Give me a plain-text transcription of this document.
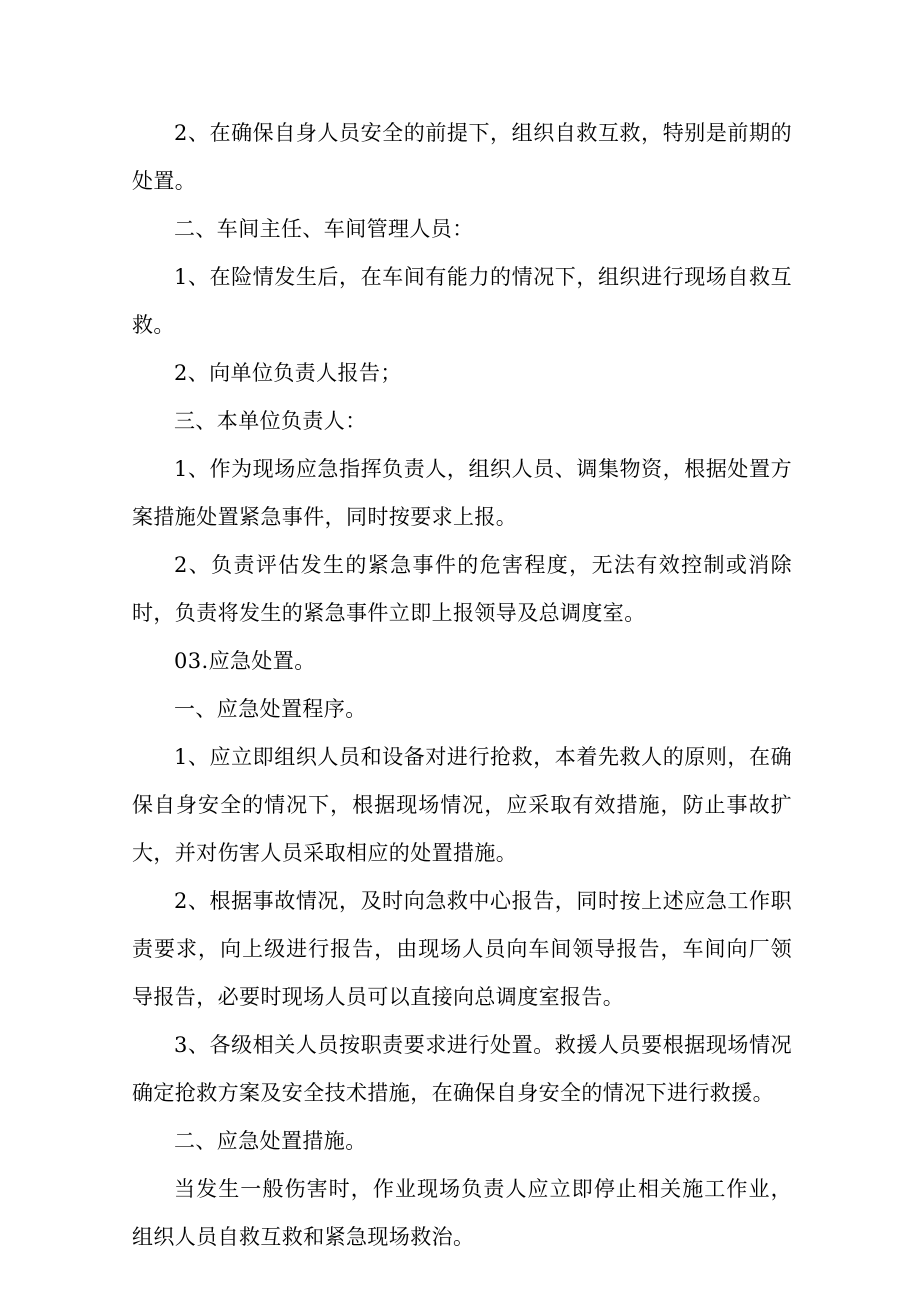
2、在确保自身人员安全的前提下，组织自救互救，特别是前期的处置。

二、车间主任、车间管理人员：

1、在险情发生后，在车间有能力的情况下，组织进行现场自救互救。

2、向单位负责人报告；

三、本单位负责人：

1、作为现场应急指挥负责人，组织人员、调集物资，根据处置方案措施处置紧急事件，同时按要求上报。

2、负责评估发生的紧急事件的危害程度，无法有效控制或消除时，负责将发生的紧急事件立即上报领导及总调度室。

03.应急处置。

一、应急处置程序。

1、应立即组织人员和设备对进行抢救，本着先救人的原则，在确保自身安全的情况下，根据现场情况，应采取有效措施，防止事故扩大，并对伤害人员采取相应的处置措施。

2、根据事故情况，及时向急救中心报告，同时按上述应急工作职责要求，向上级进行报告，由现场人员向车间领导报告，车间向厂领导报告，必要时现场人员可以直接向总调度室报告。

3、各级相关人员按职责要求进行处置。救援人员要根据现场情况确定抢救方案及安全技术措施，在确保自身安全的情况下进行救援。

二、应急处置措施。

当发生一般伤害时，作业现场负责人应立即停止相关施工作业，组织人员自救互救和紧急现场救治。
